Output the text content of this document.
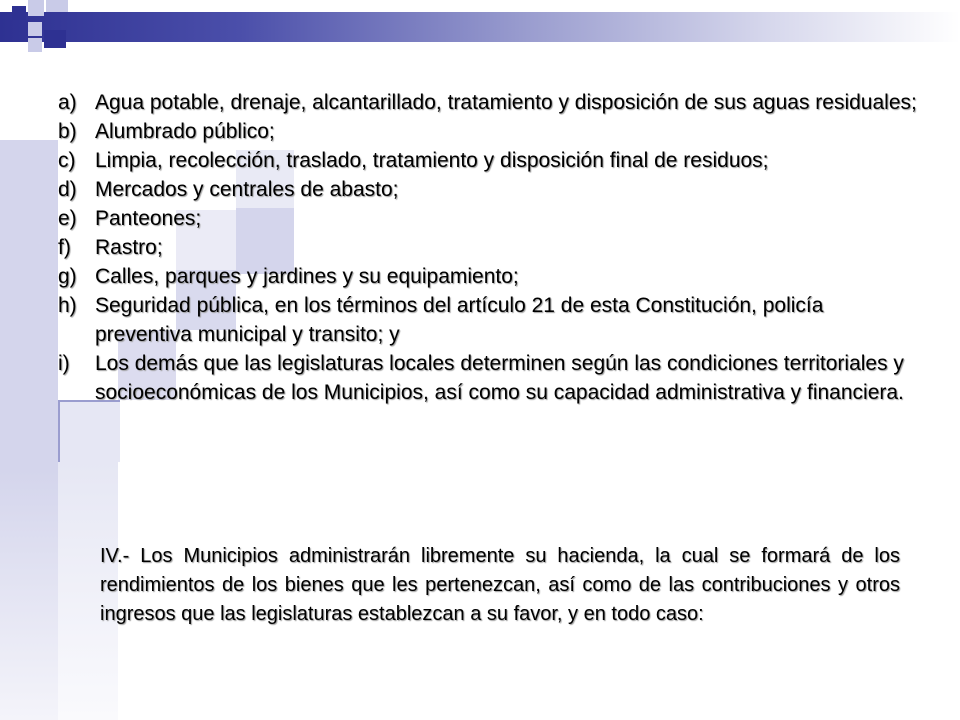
a) Agua potable, drenaje, alcantarillado, tratamiento y disposición de sus aguas residuales;
b) Alumbrado público;
c) Limpia, recolección, traslado, tratamiento y disposición final de residuos;
d) Mercados y centrales de abasto;
e) Panteones;
f) Rastro;
g) Calles, parques y jardines y su equipamiento;
h) Seguridad pública, en los términos del artículo 21 de esta Constitución, policía preventiva municipal y transito; y
i) Los demás que las legislaturas locales determinen según las condiciones territoriales y socioeconómicas de los Municipios, así como su capacidad administrativa y financiera.

IV.- Los Municipios administrarán libremente su hacienda, la cual se formará de los rendimientos de los bienes que les pertenezcan, así como de las contribuciones y otros ingresos que las legislaturas establezcan a su favor, y en todo caso:
